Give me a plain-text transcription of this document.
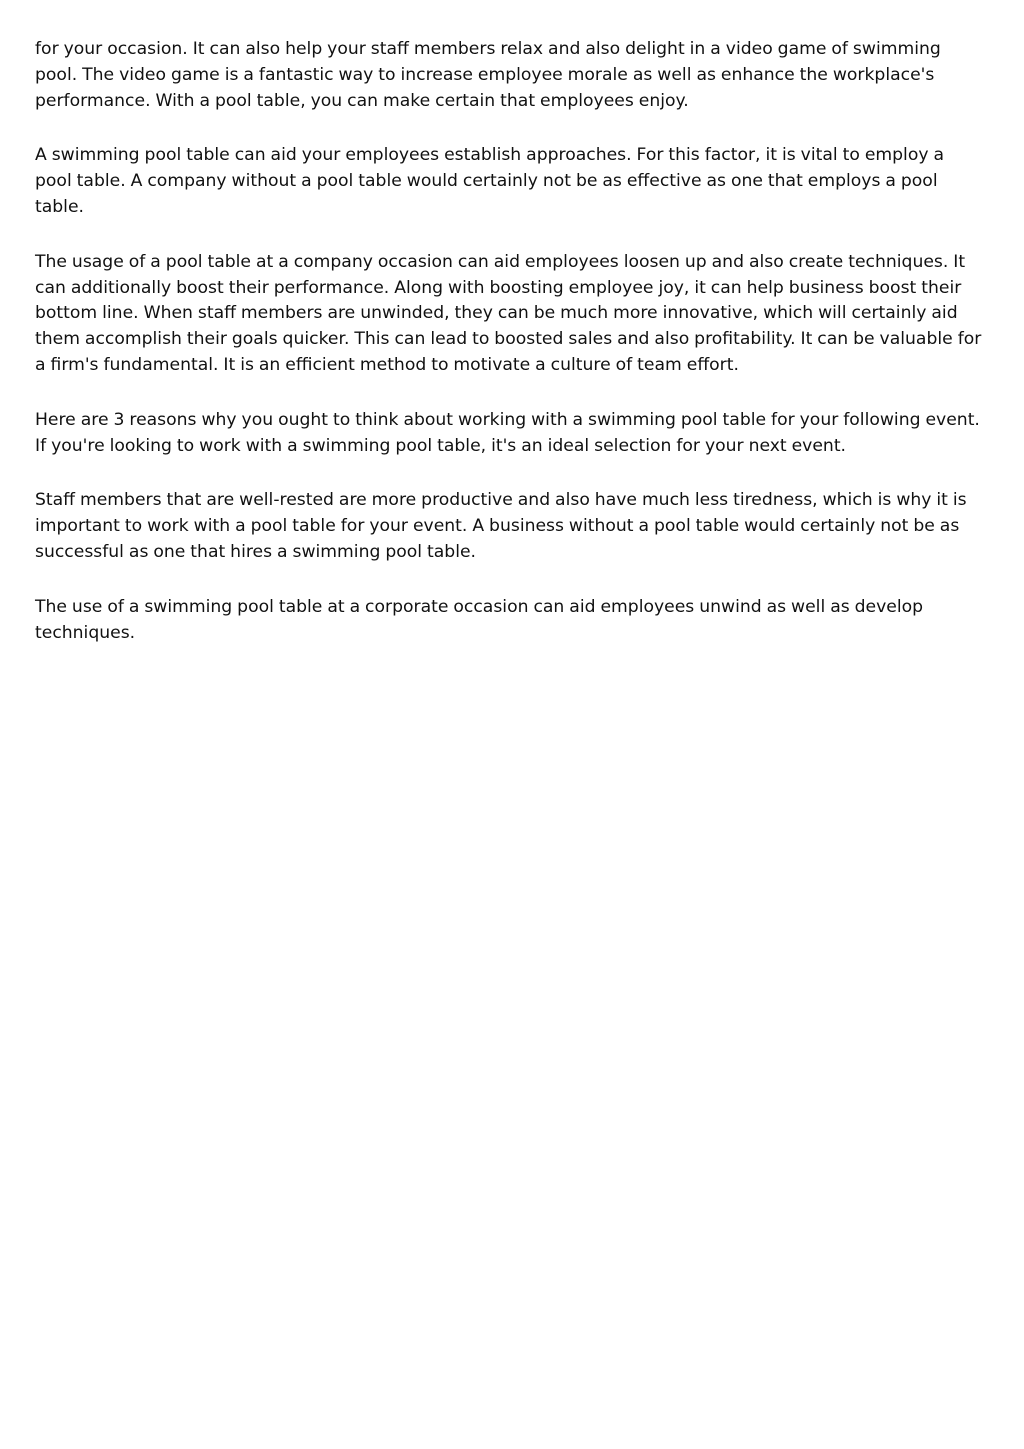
for your occasion. It can also help your staff members relax and also delight in a video game of swimming pool. The video game is a fantastic way to increase employee morale as well as enhance the workplace's performance. With a pool table, you can make certain that employees enjoy.

A swimming pool table can aid your employees establish approaches. For this factor, it is vital to employ a pool table. A company without a pool table would certainly not be as effective as one that employs a pool table.

The usage of a pool table at a company occasion can aid employees loosen up and also create techniques. It can additionally boost their performance. Along with boosting employee joy, it can help business boost their bottom line. When staff members are unwinded, they can be much more innovative, which will certainly aid them accomplish their goals quicker. This can lead to boosted sales and also profitability. It can be valuable for a firm's fundamental. It is an efficient method to motivate a culture of team effort.

Here are 3 reasons why you ought to think about working with a swimming pool table for your following event. If you're looking to work with a swimming pool table, it's an ideal selection for your next event.

Staff members that are well-rested are more productive and also have much less tiredness, which is why it is important to work with a pool table for your event. A business without a pool table would certainly not be as successful as one that hires a swimming pool table.

The use of a swimming pool table at a corporate occasion can aid employees unwind as well as develop techniques.
